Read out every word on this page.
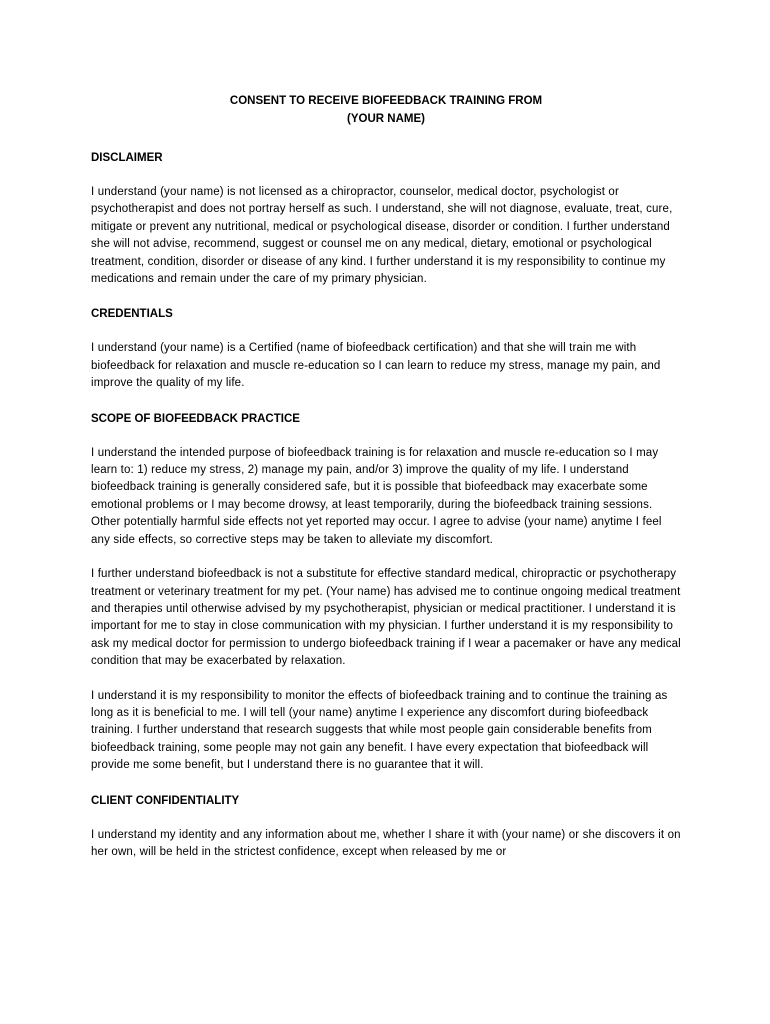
CONSENT TO RECEIVE BIOFEEDBACK TRAINING FROM

(YOUR NAME)

DISCLAIMER

I understand (your name) is not licensed as a chiropractor, counselor, medical doctor, psychologist or psychotherapist and does not portray herself as such. I understand, she will not diagnose, evaluate, treat, cure, mitigate or prevent any nutritional, medical or psychological disease, disorder or condition. I further understand she will not advise, recommend, suggest or counsel me on any medical, dietary, emotional or psychological treatment, condition, disorder or disease of any kind. I further understand it is my responsibility to continue my medications and remain under the care of my primary physician.

CREDENTIALS

I understand (your name) is a Certified (name of biofeedback certification) and that she will train me with biofeedback for relaxation and muscle re-education so I can learn to reduce my stress, manage my pain, and improve the quality of my life.

SCOPE OF BIOFEEDBACK PRACTICE

I understand the intended purpose of biofeedback training is for relaxation and muscle re-education so I may learn to: 1) reduce my stress, 2) manage my pain, and/or 3) improve the quality of my life. I understand biofeedback training is generally considered safe, but it is possible that biofeedback may exacerbate some emotional problems or I may become drowsy, at least temporarily, during the biofeedback training sessions. Other potentially harmful side effects not yet reported may occur. I agree to advise (your name) anytime I feel any side effects, so corrective steps may be taken to alleviate my discomfort.

I further understand biofeedback is not a substitute for effective standard medical, chiropractic or psychotherapy treatment or veterinary treatment for my pet. (Your name) has advised me to continue ongoing medical treatment and therapies until otherwise advised by my psychotherapist, physician or medical practitioner. I understand it is important for me to stay in close communication with my physician. I further understand it is my responsibility to ask my medical doctor for permission to undergo biofeedback training if I wear a pacemaker or have any medical condition that may be exacerbated by relaxation.

I understand it is my responsibility to monitor the effects of biofeedback training and to continue the training as long as it is beneficial to me. I will tell (your name) anytime I experience any discomfort during biofeedback training. I further understand that research suggests that while most people gain considerable benefits from biofeedback training, some people may not gain any benefit. I have every expectation that biofeedback will provide me some benefit, but I understand there is no guarantee that it will.

CLIENT CONFIDENTIALITY

I understand my identity and any information about me, whether I share it with (your name) or she discovers it on her own, will be held in the strictest confidence, except when released by me or
